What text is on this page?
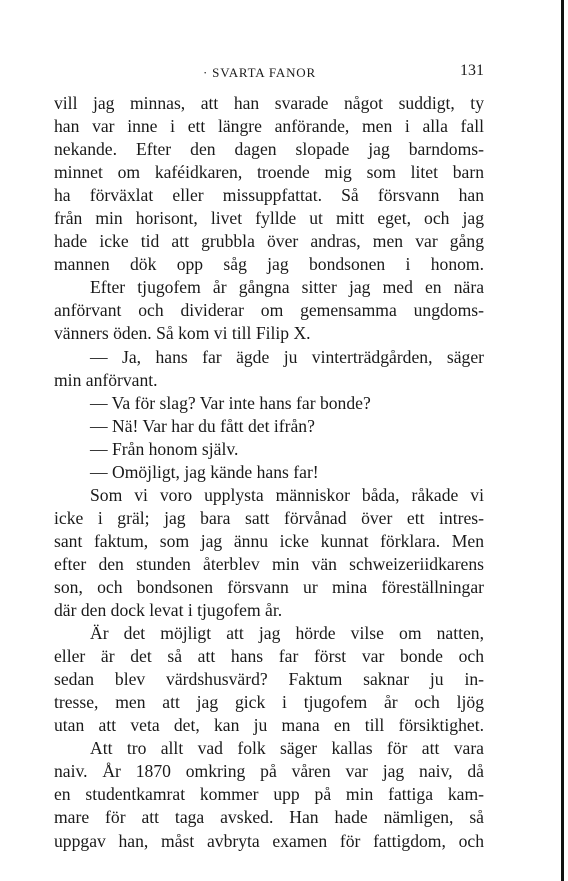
· SVARTA FANOR	131
vill jag minnas, att han svarade något suddigt, ty
han var inne i ett längre anförande, men i alla fall
nekande. Efter den dagen slopade jag barndoms-
minnet om kaféidkaren, troende mig som litet barn
ha förväxlat eller missuppfattat. Så försvann han
från min horisont, livet fyllde ut mitt eget, och jag
hade icke tid att grubbla över andras, men var gång
mannen dök opp såg jag bondsonen i honom.
Efter tjugofem år gångna sitter jag med en nära
anförvant och dividerar om gemensamma ungdoms-
vänners öden. Så kom vi till Filip X.
— Ja, hans far ägde ju vinterträdgården, säger
min anförvant.
— Va för slag? Var inte hans far bonde?
— Nä! Var har du fått det ifrån?
— Från honom själv.
— Omöjligt, jag kände hans far!
Som vi voro upplysta människor båda, råkade vi
icke i gräl; jag bara satt förvånad över ett intres-
sant faktum, som jag ännu icke kunnat förklara. Men
efter den stunden återblev min vän schweizeriidkarens
son, och bondsonen försvann ur mina föreställningar
där den dock levat i tjugofem år.
Är det möjligt att jag hörde vilse om natten,
eller är det så att hans far först var bonde och
sedan blev värdshusvärd? Faktum saknar ju in-
tresse, men att jag gick i tjugofem år och ljög
utan att veta det, kan ju mana en till försiktighet.
Att tro allt vad folk säger kallas för att vara
naiv. År 1870 omkring på våren var jag naiv, då
en studentkamrat kommer upp på min fattiga kam-
mare för att taga avsked. Han hade nämligen, så
uppgav han, måst avbryta examen för fattigdom, och
